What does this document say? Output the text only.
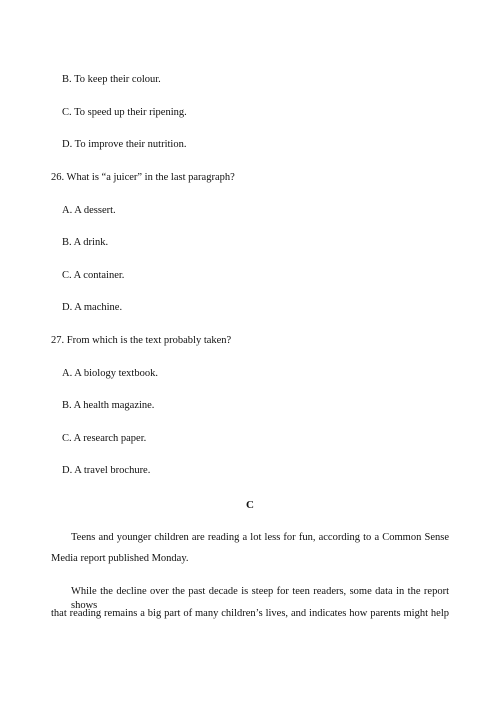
B. To keep their colour.
C. To speed up their ripening.
D. To improve their nutrition.
26. What is “a juicer” in the last paragraph?
A. A dessert.
B. A drink.
C. A container.
D. A machine.
27. From which is the text probably taken?
A. A biology textbook.
B. A health magazine.
C. A research paper.
D. A travel brochure.
C
Teens and younger children are reading a lot less for fun, according to a Common Sense
Media report published Monday.
While the decline over the past decade is steep for teen readers, some data in the report shows
that reading remains a big part of many children’s lives, and indicates how parents might help
